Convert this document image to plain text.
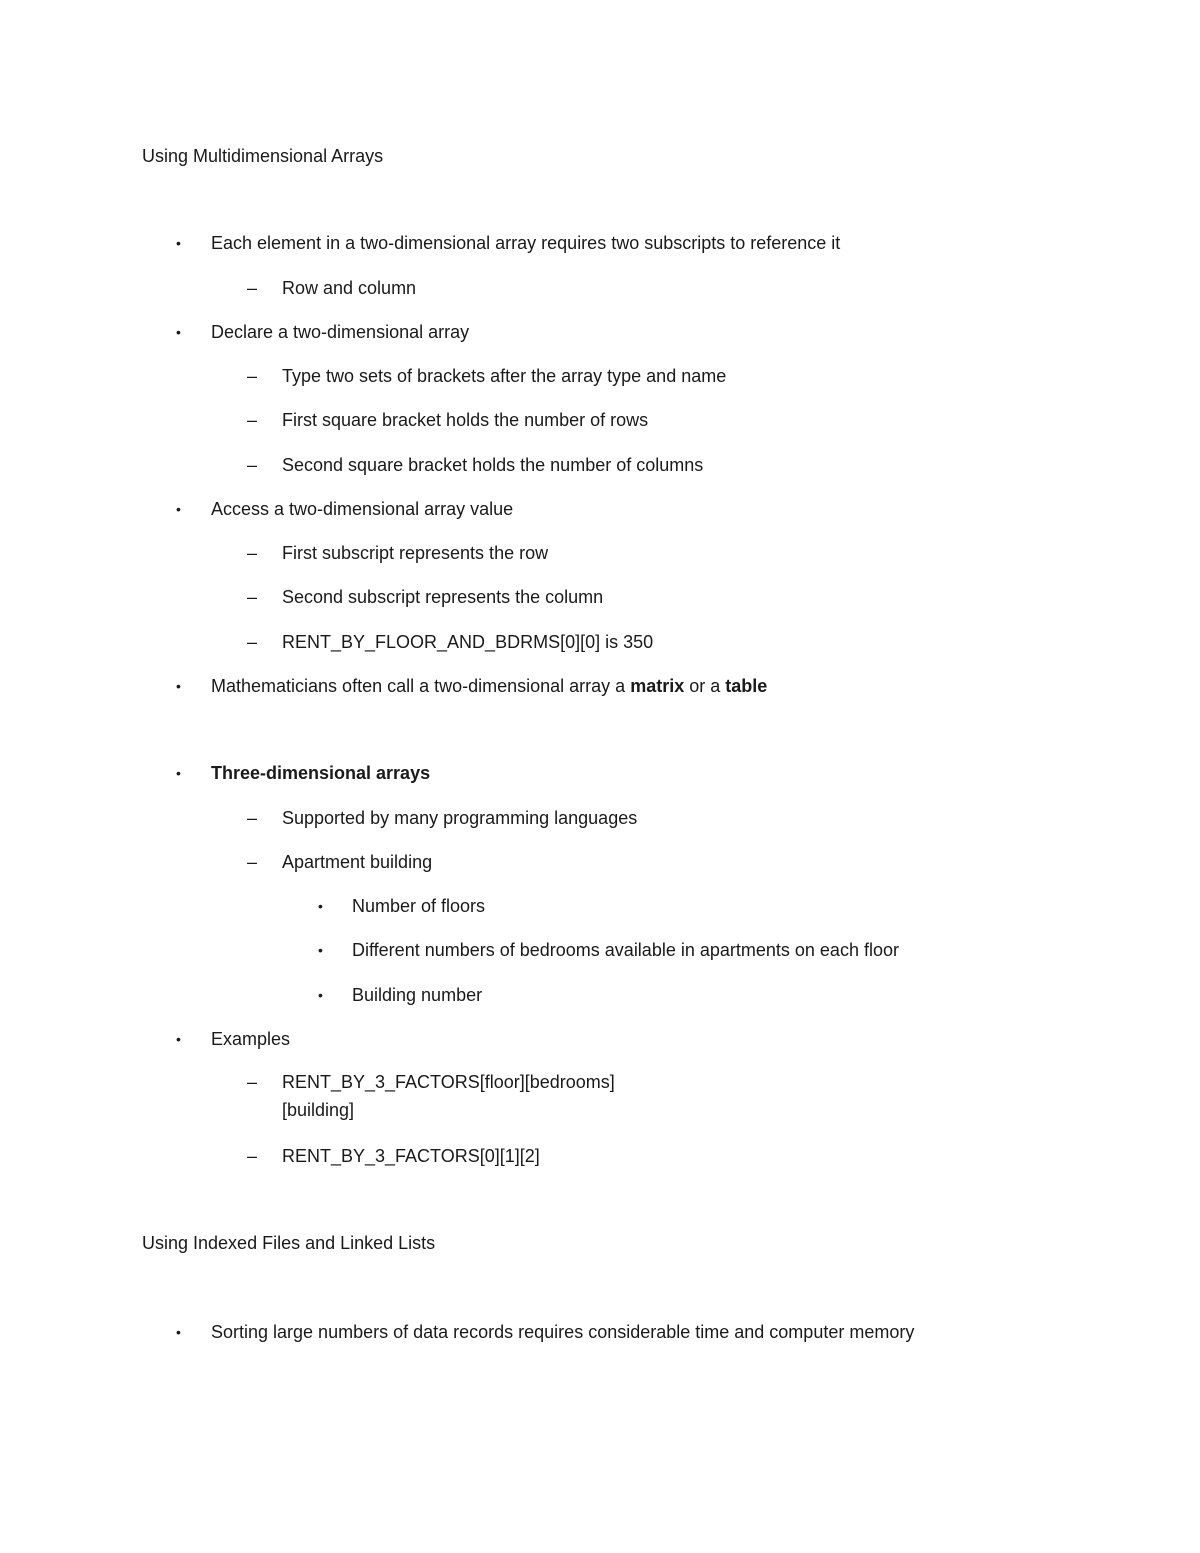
Using Multidimensional Arrays
• Each element in a two-dimensional array requires two subscripts to reference it
– Row and column
• Declare a two-dimensional array
– Type two sets of brackets after the array type and name
– First square bracket holds the number of rows
– Second square bracket holds the number of columns
• Access a two-dimensional array value
– First subscript represents the row
– Second subscript represents the column
– RENT_BY_FLOOR_AND_BDRMS[0][0] is 350
• Mathematicians often call a two-dimensional array a matrix or a table
• Three-dimensional arrays
– Supported by many programming languages
– Apartment building
• Number of floors
• Different numbers of bedrooms available in apartments on each floor
• Building number
• Examples
– RENT_BY_3_FACTORS[floor][bedrooms]
[building]
– RENT_BY_3_FACTORS[0][1][2]
Using Indexed Files and Linked Lists
• Sorting large numbers of data records requires considerable time and computer memory
